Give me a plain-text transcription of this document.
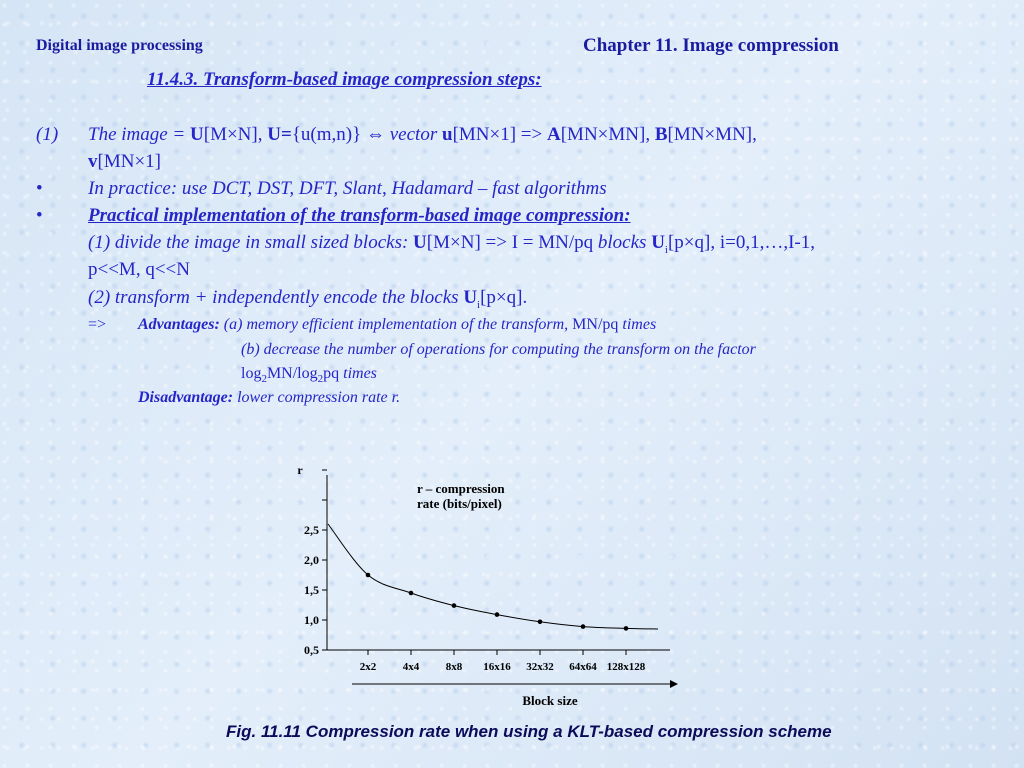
Digital image processing	Chapter 11. Image compression
11.4.3. Transform-based image compression steps:
(1) The image = U[M×N], U={u(m,n)} ⇔ vector u[MN×1] => A[MN×MN], B[MN×MN],
v[MN×1]
• In practice: use DCT, DST, DFT, Slant, Hadamard – fast algorithms
• Practical implementation of the transform-based image compression:
(1) divide the image in small sized blocks: U[M×N] => I = MN/pq blocks $U_i[p\times q]$, i=0,1,…,I-1,
p<<M, q<<N
(2) transform + independently encode the blocks $U_i[p\times q]$.
=> Advantages: (a) memory efficient implementation of the transform, MN/pq times
(b) decrease the number of operations for computing the transform on the factor
$\log_2MN/\log_2pq$ times
Disadvantage: lower compression rate r.
r
r – compression
rate (bits/pixel)
Block size
0,5
1,0
1,5
2,0
2,5
2x2 4x4 8x8 16x16 32x32 64x64 128x128
Fig. 11.11 Compression rate when using a KLT-based compression scheme
